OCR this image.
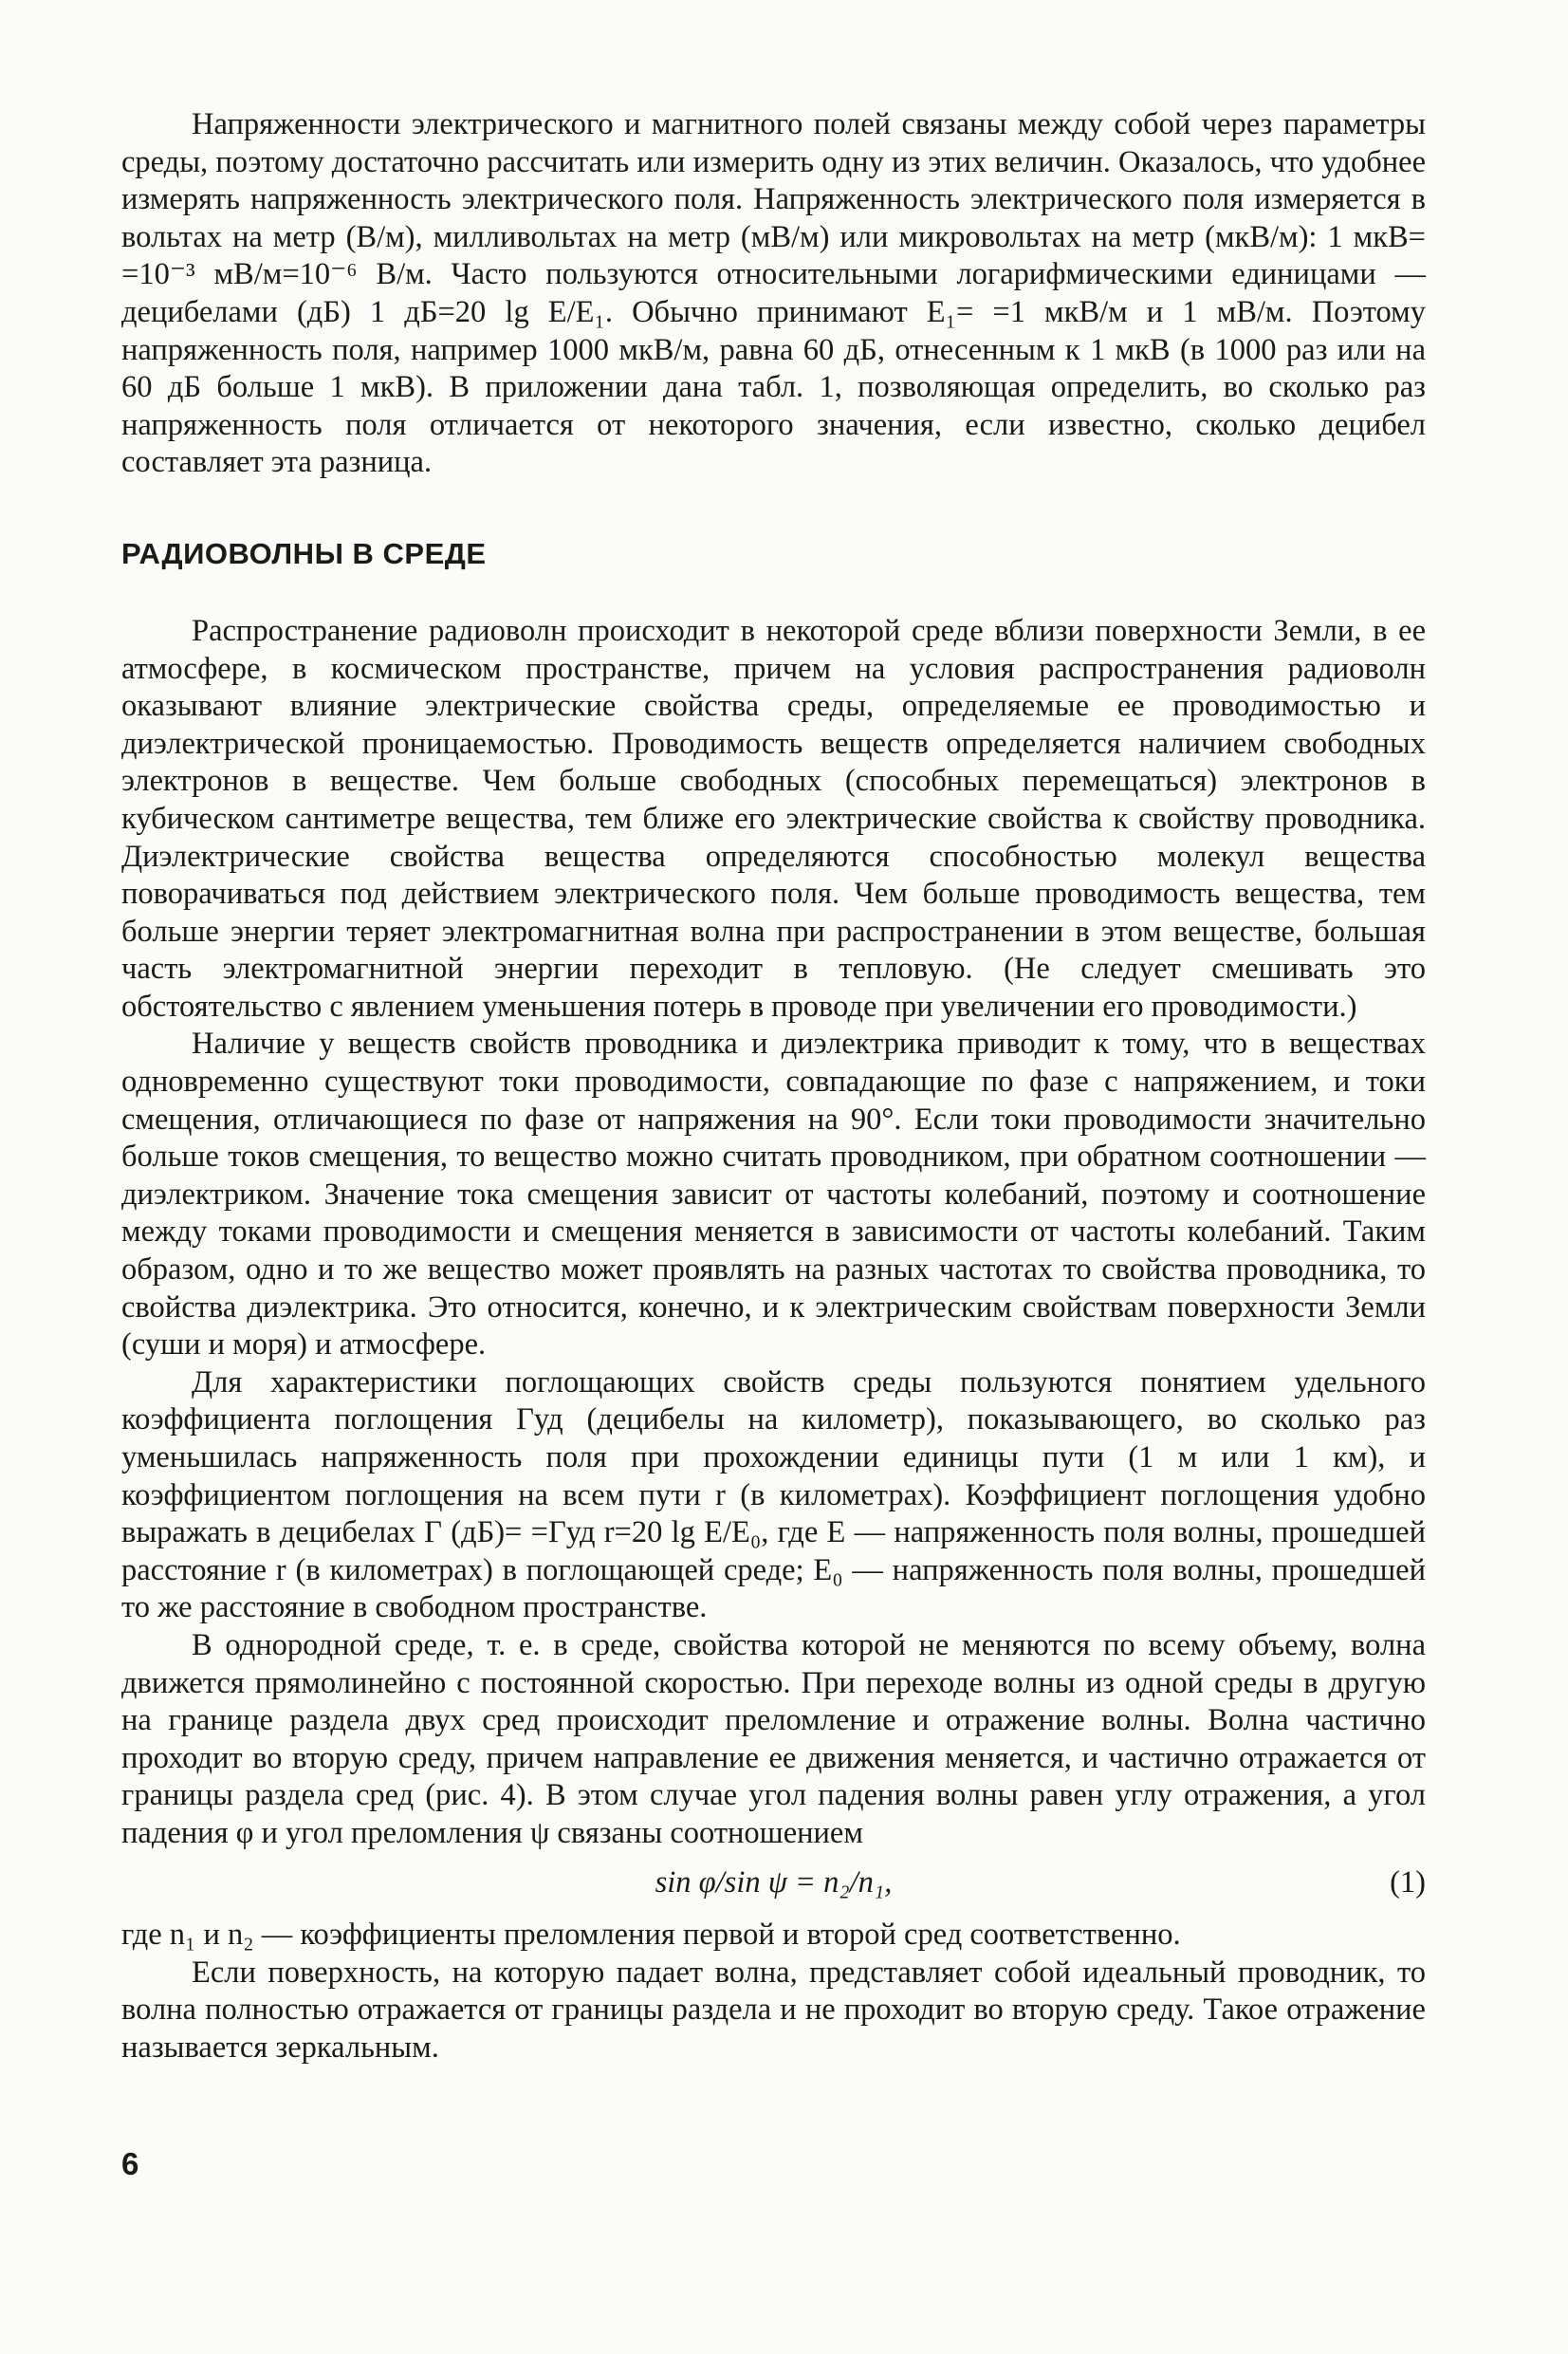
Напряженности электрического и магнитного полей связаны между собой через параметры среды, поэтому достаточно рассчитать или измерить одну из этих величин. Оказалось, что удобнее измерять напряженность электрического поля. Напряженность электрического поля измеряется в вольтах на метр (В/м), милливольтах на метр (мВ/м) или микровольтах на метр (мкВ/м): 1 мкВ= =10⁻³ мВ/м=10⁻⁶ В/м. Часто пользуются относительными логарифмическими единицами — децибелами (дБ) 1 дБ=20 lg E/E₁. Обычно принимают E₁= =1 мкВ/м и 1 мВ/м. Поэтому напряженность поля, например 1000 мкВ/м, равна 60 дБ, отнесенным к 1 мкВ (в 1000 раз или на 60 дБ больше 1 мкВ). В приложении дана табл. 1, позволяющая определить, во сколько раз напряженность поля отличается от некоторого значения, если известно, сколько децибел составляет эта разница.

РАДИОВОЛНЫ В СРЕДЕ

Распространение радиоволн происходит в некоторой среде вблизи поверхности Земли, в ее атмосфере, в космическом пространстве, причем на условия распространения радиоволн оказывают влияние электрические свойства среды, определяемые ее проводимостью и диэлектрической проницаемостью. Проводимость веществ определяется наличием свободных электронов в веществе. Чем больше свободных (способных перемещаться) электронов в кубическом сантиметре вещества, тем ближе его электрические свойства к свойству проводника. Диэлектрические свойства вещества определяются способностью молекул вещества поворачиваться под действием электрического поля. Чем больше проводимость вещества, тем больше энергии теряет электромагнитная волна при распространении в этом веществе, большая часть электромагнитной энергии переходит в тепловую. (Не следует смешивать это обстоятельство с явлением уменьшения потерь в проводе при увеличении его проводимости.)

Наличие у веществ свойств проводника и диэлектрика приводит к тому, что в веществах одновременно существуют токи проводимости, совпадающие по фазе с напряжением, и токи смещения, отличающиеся по фазе от напряжения на 90°. Если токи проводимости значительно больше токов смещения, то вещество можно считать проводником, при обратном соотношении — диэлектриком. Значение тока смещения зависит от частоты колебаний, поэтому и соотношение между токами проводимости и смещения меняется в зависимости от частоты колебаний. Таким образом, одно и то же вещество может проявлять на разных частотах то свойства проводника, то свойства диэлектрика. Это относится, конечно, и к электрическим свойствам поверхности Земли (суши и моря) и атмосфере.

Для характеристики поглощающих свойств среды пользуются понятием удельного коэффициента поглощения Γуд (децибелы на километр), показывающего, во сколько раз уменьшилась напряженность поля при прохождении единицы пути (1 м или 1 км), и коэффициентом поглощения на всем пути r (в километрах). Коэффициент поглощения удобно выражать в децибелах Γ (дБ)= =Γуд r=20 lg E/E₀, где E — напряженность поля волны, прошедшей расстояние r (в километрах) в поглощающей среде; E₀ — напряженность поля волны, прошедшей то же расстояние в свободном пространстве.

В однородной среде, т. е. в среде, свойства которой не меняются по всему объему, волна движется прямолинейно с постоянной скоростью. При переходе волны из одной среды в другую на границе раздела двух сред происходит преломление и отражение волны. Волна частично проходит во вторую среду, причем направление ее движения меняется, и частично отражается от границы раздела сред (рис. 4). В этом случае угол падения волны равен углу отражения, а угол падения φ и угол преломления ψ связаны соотношением

sin φ/sin ψ = n₂/n₁,	(1)

где n₁ и n₂ — коэффициенты преломления первой и второй сред соответственно.

Если поверхность, на которую падает волна, представляет собой идеальный проводник, то волна полностью отражается от границы раздела и не проходит во вторую среду. Такое отражение называется зеркальным.

6
